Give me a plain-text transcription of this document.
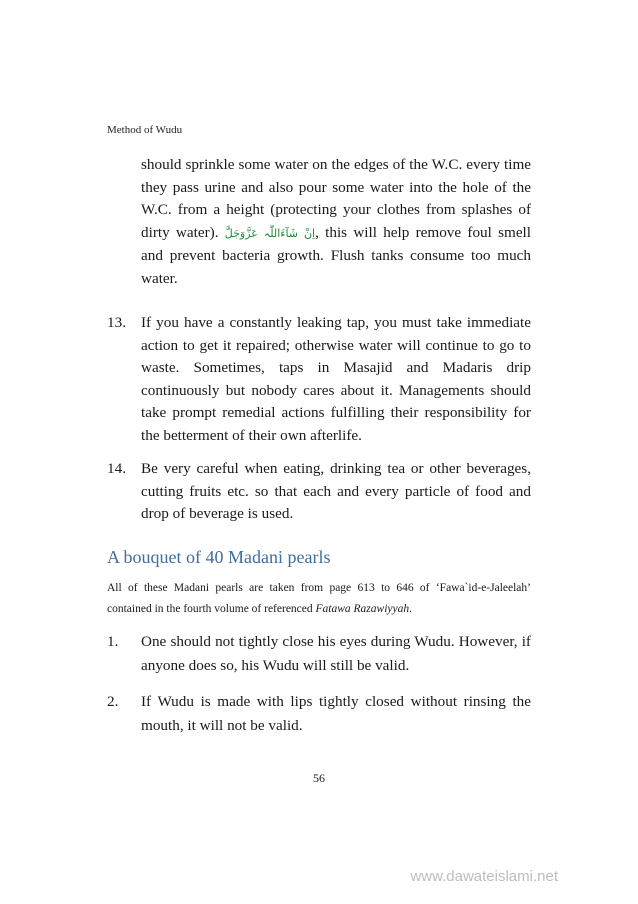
Method of Wudu

should sprinkle some water on the edges of the W.C. every time they pass urine and also pour some water into the hole of the W.C. from a height (protecting your clothes from splashes of dirty water). اِنْ شَآءَاللّٰہ عَزَّوَجَلَّ, this will help remove foul smell and prevent bacteria growth. Flush tanks consume too much water.

13. If you have a constantly leaking tap, you must take immediate action to get it repaired; otherwise water will continue to go to waste. Sometimes, taps in Masajid and Madaris drip continuously but nobody cares about it. Managements should take prompt remedial actions fulfilling their responsibility for the betterment of their own afterlife.
14. Be very careful when eating, drinking tea or other beverages, cutting fruits etc. so that each and every particle of food and drop of beverage is used.
A bouquet of 40 Madani pearls

All of these Madani pearls are taken from page 613 to 646 of ‘Fawa`id-e-Jaleelah’ contained in the fourth volume of referenced Fatawa Razawiyyah.

1. One should not tightly close his eyes during Wudu. However, if anyone does so, his Wudu will still be valid.
2. If Wudu is made with lips tightly closed without rinsing the mouth, it will not be valid.
56
www.dawateislami.net
